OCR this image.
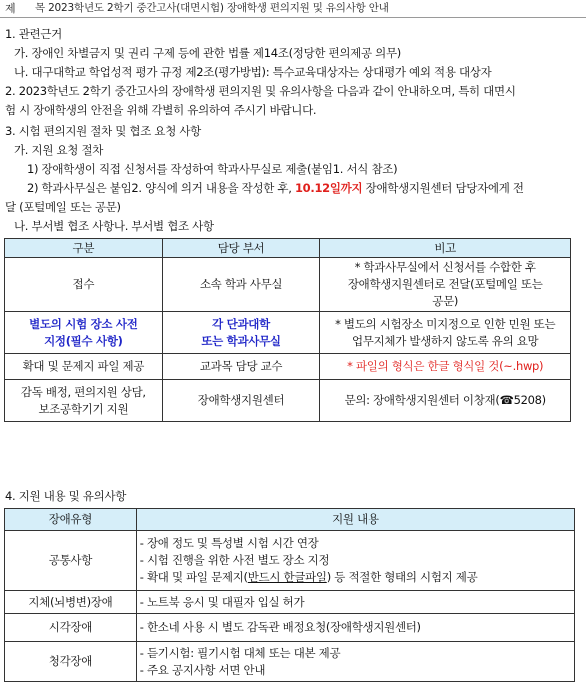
제 목 2023학년도 2학기 중간고사(대면시험) 장애학생 편의지원 및 유의사항 안내
1. 관련근거
가. 장애인 차별금지 및 권리 구제 등에 관한 법률 제14조(정당한 편의제공 의무)
나. 대구대학교 학업성적 평가 규정 제2조(평가방법): 특수교육대상자는 상대평가 예외 적용 대상자
2. 2023학년도 2학기 중간고사의 장애학생 편의지원 및 유의사항을 다음과 같이 안내하오며, 특히 대면시
험 시 장애학생의 안전을 위해 각별히 유의하여 주시기 바랍니다.
3. 시험 편의지원 절차 및 협조 요청 사항
가. 지원 요청 절차
1) 장애학생이 직접 신청서를 작성하여 학과사무실로 제출(붙임1. 서식 참조)
2) 학과사무실은 붙임2. 양식에 의거 내용을 작성한 후, 10.12일까지 장애학생지원센터 담당자에게 전
달 (포털메일 또는 공문)
나. 부서별 협조 사항나. 부서별 협조 사항
구분	담당 부서	비고
접수	소속 학과 사무실	* 학과사무실에서 신청서를 수합한 후
장애학생지원센터로 전달(포털메일 또는
공문)

별도의 시험 장소 사전
지정(필수 사항)	각 단과대학
또는 학과사무실	* 별도의 시험장소 미지정으로 인한 민원 또는
업무지체가 발생하지 않도록 유의 요망

확대 및 문제지 파일 제공	교과목 담당 교수	* 파일의 형식은 한글 형식일 것(~.hwp)

감독 배정, 편의지원 상담,
보조공학기기 지원	장애학생지원센터	문의: 장애학생지원센터 이창재(☎5208)
4. 지원 내용 및 유의사항
장애유형	지원 내용
공통사항	- 장애 정도 및 특성별 시험 시간 연장
- 시험 진행을 위한 사전 별도 장소 지정
- 확대 및 파일 문제지(반드시 한글파일) 등 적절한 형태의 시험지 제공

지체(뇌병변)장애	- 노트북 응시 및 대필자 입실 허가
시각장애	- 한소네 사용 시 별도 감독관 배정요청(장애학생지원센터)
청각장애	- 듣기시험: 필기시험 대체 또는 대본 제공
- 주요 공지사항 서면 안내
